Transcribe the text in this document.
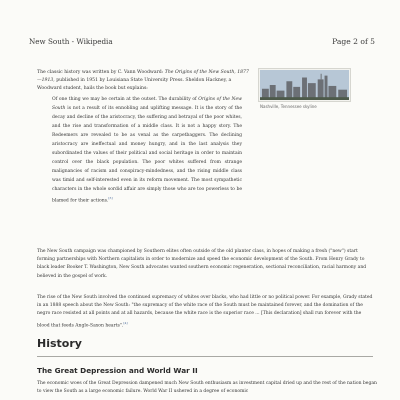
New South - Wikipedia	Page 2 of 5

The classic history was written by C. Vann Woodward: The Origins of the New South, 1877—1913, published in 1951 by Louisiana State University Press. Sheldon Hackney, a Woodward student, hails the book but explains:

Nashville, Tennessee skyline

Of one thing we may be certain at the outset. The durability of Origins of the New South is not a result of its ennobling and uplifting message. It is the story of the decay and decline of the aristocracy, the suffering and betrayal of the poor whites, and the rise and transformation of a middle class. It is not a happy story. The Redeemers are revealed to be as venal as the carpetbaggers. The declining aristocracy are ineffectual and money hungry, and in the last analysis they subordinated the values of their political and social heritage in order to maintain control over the black population. The poor whites suffered from strange malignancies of racism and conspiracy-mindedness, and the rising middle class was timid and self-interested even in its reform movement. The most sympathetic characters in the whole sordid affair are simply those who are too powerless to be blamed for their actions.[3]

The New South campaign was championed by Southern elites often outside of the old planter class, in hopes of making a fresh ("new") start forming partnerships with Northern capitalists in order to modernize and speed the economic development of the South. From Henry Grady to black leader Booker T. Washington, New South advocates wanted southern economic regeneration, sectional reconciliation, racial harmony and believed in the gospel of work.

The rise of the New South involved the continued supremacy of whites over blacks, who had little or no political power. For example, Grady stated in an 1888 speech about the New South: "the supremacy of the white race of the South must be maintained forever, and the domination of the negro race resisted at all points and at all hazards, because the white race is the superior race ... [This declaration] shall run forever with the blood that feeds Anglo-Saxon hearts".[4]

History
The Great Depression and World War II

The economic woes of the Great Depression dampened much New South enthusiasm as investment capital dried up and the rest of the nation began to view the South as a large economic failure. World War II ushered in a degree of economic
